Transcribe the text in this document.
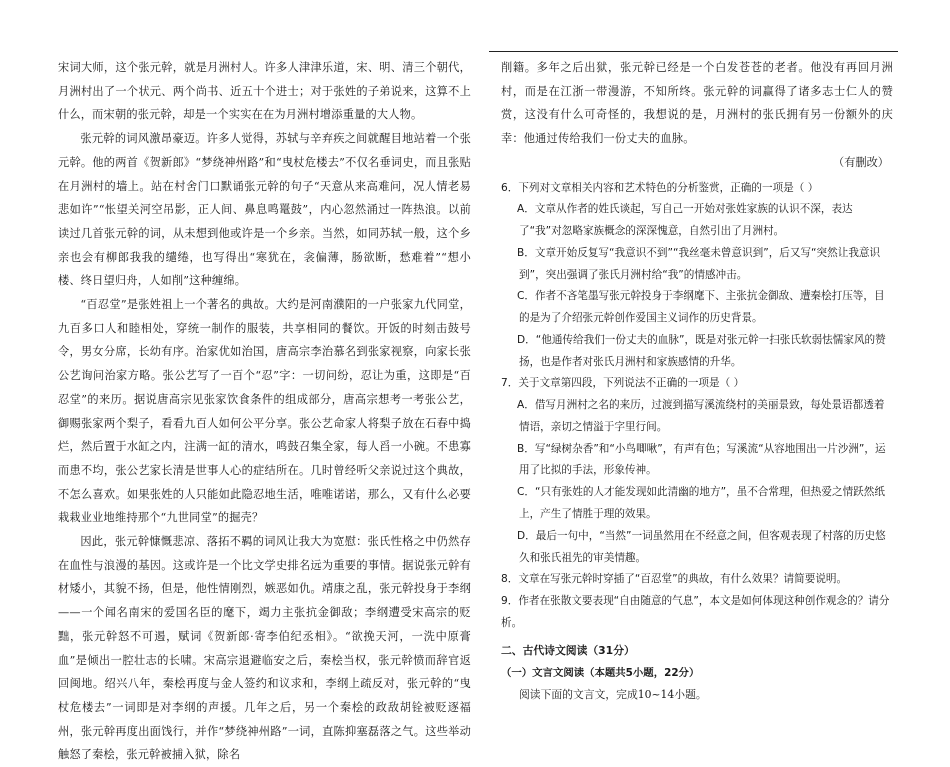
宋词大师，这个张元幹，就是月洲村人。许多人津津乐道，宋、明、清三个朝代，月洲村出了一个状元、两个尚书、近五十个进士；对于张姓的子弟说来，这算不上什么，而宋朝的张元幹，却是一个实实在在为月洲村增添重量的大人物。

张元幹的词风激昂豪迈。许多人觉得，苏轼与辛弃疾之间就醒目地站着一个张元幹。他的两首《贺新郎》“梦绕神州路”和“曳杖危楼去”不仅名垂词史，而且张贴在月洲村的墙上。站在村舍门口默诵张元幹的句子“天意从来高难问，况人情老易悲如许”“怅望关河空吊影，正人间、鼻息鸣鼍鼓”，内心忽然涌过一阵热浪。以前读过几首张元幹的词，从未想到他或许是一个乡亲。当然，如同苏轼一般，这个乡亲也会有柳郎我我的缱绻，也写得出“寒犹在，衾偏薄，肠欲断，愁难着”“想小楼、终日望归舟，人如削”这种缠绵。

“百忍堂”是张姓祖上一个著名的典故。大约是河南濮阳的一户张家九代同堂，九百多口人和睦相处，穿统一制作的服装，共享相同的餐饮。开饭的时刻击鼓号令，男女分席，长幼有序。治家优如治国，唐高宗李治慕名到张家视察，向家长张公艺询问治家方略。张公艺写了一百个“忍”字：一切问纷，忍让为重，这即是“百忍堂”的来历。据说唐高宗见张家饮食条件的组成部分，唐高宗想考一考张公艺，御赐张家两个梨子，看看九百人如何公平分享。张公艺命家人将梨子放在石春中捣烂，然后置于水缸之内，注满一缸的清水，鸣鼓召集全家，每人舀一小碗。不患寡而患不均，张公艺家长清是世事人心的症结所在。几时曾经听父亲说过这个典故，不怎么喜欢。如果张姓的人只能如此隐忍地生活，唯唯诺诺，那么，又有什么必要栽栽业业地维持那个“九世同堂”的掘壳？

因此，张元幹慷慨悲凉、落拓不羁的词风让我大为宽慰：张氏性格之中仍然存在血性与浪漫的基因。这或许是一个比文学史排名远为重要的事情。据说张元幹有材矮小，其貌不扬，但是，他性情刚烈，嫉恶如仇。靖康之乱，张元幹投身于李纲——一个闻名南宋的爱国名臣的麾下，竭力主张抗金御敌；李纲遭受宋高宗的贬黜，张元幹怒不可遏，赋词《贺新郎·寄李伯纪丞相》。“欲挽天河，一洗中原膏血”是倾出一腔壮志的长啸。宋高宗退避临安之后，秦桧当权，张元幹愤而辞官返回闽地。绍兴八年，秦桧再度与金人签约和议求和，李纲上疏反对，张元幹的“曳杖危楼去”一词即是对李纲的声援。几年之后，另一个秦桧的政敌胡铨被贬逐福州，张元幹再度出面饯行，并作“梦绕神州路”一词，直陈抑塞磊落之气。这些举动触怒了秦桧，张元幹被捕入狱，除名

削籍。多年之后出狱，张元幹已经是一个白发苍苍的老者。他没有再回月洲村，而是在江浙一带漫游，不知所终。张元幹的词赢得了诸多志士仁人的赞赏，这没有什么可奇怪的，我想说的是，月洲村的张氏拥有另一份额外的庆幸：他通过传给我们一份丈夫的血脉。

（有删改）

6．下列对文章相关内容和艺术特色的分析鉴赏，正确的一项是（ ）

A．文章从作者的姓氏谈起，写自己一开始对张姓家族的认识不深，表达了“我”对忽略家族概念的深深愧意，自然引出了月洲村。

B．文章开始反复写“我意识不到”“我丝毫未曾意识到”，后又写“突然让我意识到”，突出强调了张氏月洲村给“我”的情感冲击。

C．作者不吝笔墨写张元幹投身于李纲麾下、主张抗金御敌、遭秦桧打压等，目的是为了介绍张元幹创作爱国主义词作的历史背景。

D．“他通传给我们一份丈夫的血脉”，既是对张元幹一扫张氏软弱怯懦家风的赞扬，也是作者对张氏月洲村和家族感情的升华。

7．关于文章第四段，下列说法不正确的一项是（ ）

A．借写月洲村之名的来历，过渡到描写溪流绕村的美丽景致，每处景语都透着情语，亲切之情溢于字里行间。

B．写“绿树杂香”和“小鸟唧啾”，有声有色；写溪流“从容地围出一片沙洲”，运用了比拟的手法，形象传神。

C．“只有张姓的人才能发现如此清幽的地方”，虽不合常理，但热爱之情跃然纸上，产生了情胜于理的效果。

D．最后一句中，“当然”一词虽然用在不经意之间，但客观表现了村落的历史悠久和张氏祖先的审美情趣。

8．文章在写张元幹时穿插了“百忍堂”的典故，有什么效果？请简要说明。

9．作者在张散文要表现“自由随意的气息”，本文是如何体现这种创作观念的？请分析。

二、古代诗文阅读（31分）

（一）文言文阅读（本题共5小题，22分）

阅读下面的文言文，完成10~14小题。
